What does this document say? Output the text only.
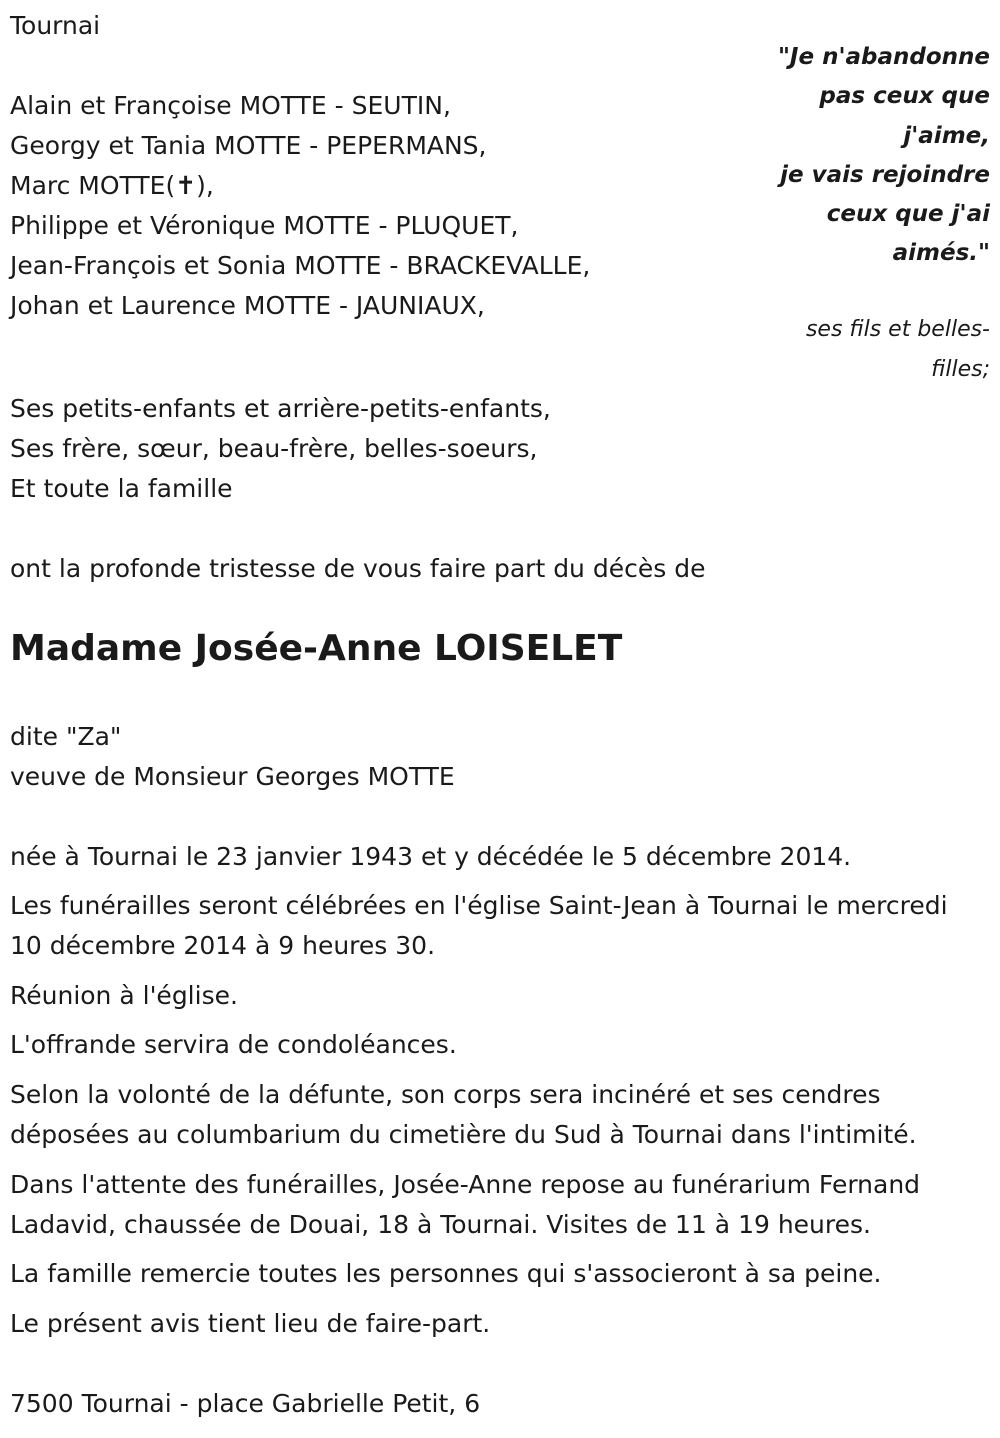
Tournai
"Je n'abandonne
pas ceux que
j'aime,
je vais rejoindre
ceux que j'ai
aimés."
ses fils et belles-
filles;
Alain et Françoise MOTTE - SEUTIN,
Georgy et Tania MOTTE - PEPERMANS,
Marc MOTTE(✝),
Philippe et Véronique MOTTE - PLUQUET,
Jean-François et Sonia MOTTE - BRACKEVALLE,
Johan et Laurence MOTTE - JAUNIAUX,
Ses petits-enfants et arrière-petits-enfants,
Ses frère, sœur, beau-frère, belles-soeurs,
Et toute la famille
ont la profonde tristesse de vous faire part du décès de
Madame Josée-Anne LOISELET
dite "Za"
veuve de Monsieur Georges MOTTE
née à Tournai le 23 janvier 1943 et y décédée le 5 décembre 2014.
Les funérailles seront célébrées en l'église Saint-Jean à Tournai le mercredi 10 décembre 2014 à 9 heures 30.
Réunion à l'église.
L'offrande servira de condoléances.
Selon la volonté de la défunte, son corps sera incinéré et ses cendres déposées au columbarium du cimetière du Sud à Tournai dans l'intimité.
Dans l'attente des funérailles, Josée-Anne repose au funérarium Fernand Ladavid, chaussée de Douai, 18 à Tournai. Visites de 11 à 19 heures.
La famille remercie toutes les personnes qui s'associeront à sa peine.
Le présent avis tient lieu de faire-part.
7500 Tournai - place Gabrielle Petit, 6
